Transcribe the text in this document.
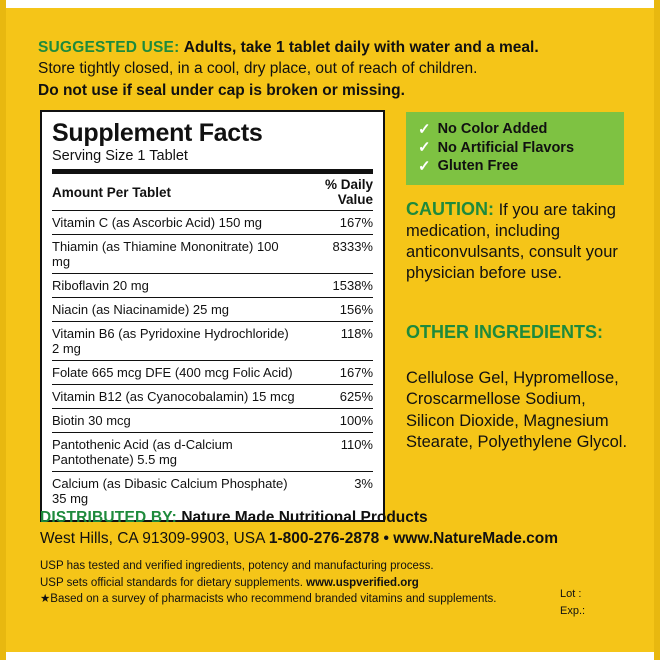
SUGGESTED USE: Adults, take 1 tablet daily with water and a meal.
Store tightly closed, in a cool, dry place, out of reach of children.
Do not use if seal under cap is broken or missing.
Supplement Facts
Serving Size 1 Tablet
Amount Per Tablet	% Daily Value
Vitamin C (as Ascorbic Acid) 150 mg	167%
Thiamin (as Thiamine Mononitrate) 100 mg	8333%
Riboflavin 20 mg	1538%
Niacin (as Niacinamide) 25 mg	156%
Vitamin B6 (as Pyridoxine Hydrochloride) 2 mg	118%
Folate 665 mcg DFE (400 mcg Folic Acid)	167%
Vitamin B12 (as Cyanocobalamin) 15 mcg	625%
Biotin 30 mcg	100%
Pantothenic Acid (as d-Calcium Pantothenate) 5.5 mg	110%
Calcium (as Dibasic Calcium Phosphate) 35 mg	3%
✓ No Color Added
✓ No Artificial Flavors
✓ Gluten Free
CAUTION: If you are taking medication, including anticonvulsants, consult your physician before use.
OTHER INGREDIENTS:
Cellulose Gel, Hypromellose, Croscarmellose Sodium, Silicon Dioxide, Magnesium Stearate, Polyethylene Glycol.
DISTRIBUTED BY: Nature Made Nutritional Products
West Hills, CA 91309-9903, USA 1-800-276-2878 • www.NatureMade.com
USP has tested and verified ingredients, potency and manufacturing process.
USP sets official standards for dietary supplements. www.uspverified.org
★Based on a survey of pharmacists who recommend branded vitamins and supplements.	Lot :
Exp.:
